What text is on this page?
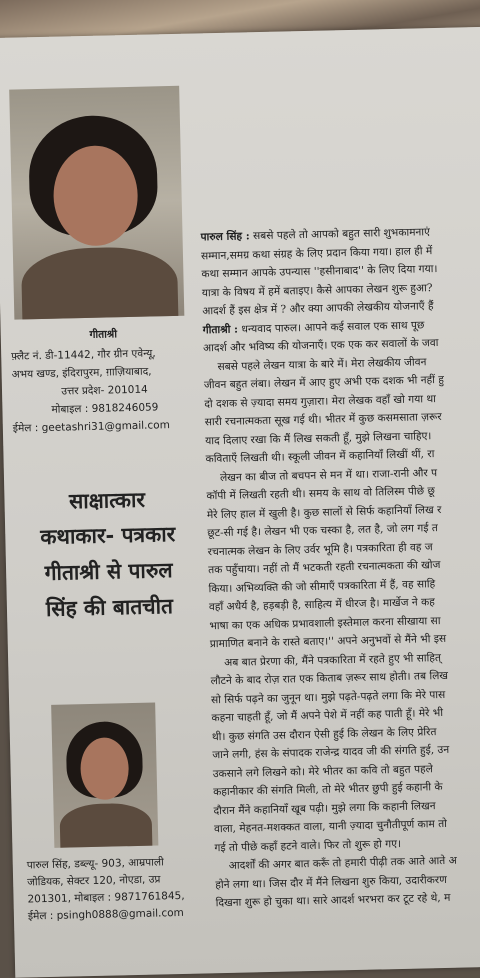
गीताश्री
फ़्लैट नं. डी-11442, गौर ग्रीन एवेन्यू,
अभय खण्ड, इंदिरापुरम, ग़ाज़ियाबाद,
उत्तर प्रदेश- 201014
मोबाइल : 9818246059
ईमेल : geetashri31@gmail.com
साक्षात्कार
कथाकार- पत्रकार
गीताश्री से पारुल
सिंह की बातचीत
पारुल सिंह, डब्ल्यू- 903, आम्रपाली
जोडियक, सेक्टर 120, नोएडा, उप्र
201301, मोबाइल : 9871761845,
ईमेल : psingh0888@gmail.com

पारुल सिंह : सबसे पहले तो आपको बहुत सारी शुभकामनाएं

सम्मान,समग्र कथा संग्रह के लिए प्रदान किया गया। हाल ही में

कथा सम्मान आपके उपन्यास ''हसीनाबाद'' के लिए दिया गया।

यात्रा के विषय में हमें बताइए। कैसे आपका लेखन शुरू हुआ?

आदर्श हैं इस क्षेत्र में ? और क्या आपकी लेखकीय योजनाएँ हैं

गीताश्री : धन्यवाद पारुल। आपने कई सवाल एक साथ पूछ

आदर्श और भविष्य की योजनाएँ। एक एक कर सवालों के जवा

सबसे पहले लेखन यात्रा के बारे में। मेरा लेखकीय जीवन

जीवन बहुत लंबा। लेखन में आए हुए अभी एक दशक भी नहीं हु

दो दशक से ज़्यादा समय गुज़ारा। मेरा लेखक वहाँ खो गया था

सारी रचनात्मकता सूख गई थी। भीतर में कुछ कसमसाता ज़रूर

याद दिलाए रखा कि मैं लिख सकती हूँ, मुझे लिखना चाहिए।

कविताएँ लिखती थी। स्कूली जीवन में कहानियाँ लिखीं थीं, रा

लेखन का बीज तो बचपन से मन में था। राजा-रानी और प

कॉपी में लिखती रहती थी। समय के साथ वो तिलिस्म पीछे छू

मेरे लिए हाल में खुली है। कुछ सालों से सिर्फ कहानियाँ लिख र

छूट-सी गई है। लेखन भी एक चस्का है, लत है, जो लग गई त

रचनात्मक लेखन के लिए उर्वर भूमि है। पत्रकारिता ही वह ज

तक पहुँचाया। नहीं तो मैं भटकती रहती रचनात्मकता की खोज

किया। अभिव्यक्ति की जो सीमाएँ पत्रकारिता में हैं, वह साहि

वहाँ अधैर्य है, हड़बड़ी है, साहित्य में धीरज है। मार्खेज ने कह

भाषा का एक अधिक प्रभावशाली इस्तेमाल करना सीखाया सा

प्रामाणित बनाने के रास्ते बताए।'' अपने अनुभवों से मैंने भी इस

अब बात प्रेरणा की, मैंने पत्रकारिता में रहते हुए भी साहित्

लौटने के बाद रोज़ रात एक किताब ज़रूर साथ होती। तब लिख

सो सिर्फ पढ़ने का जुनून था। मुझे पढ़ते-पढ़ते लगा कि मेरे पास

कहना चाहती हूँ, जो मैं अपने पेशे में नहीं कह पाती हूँ। मेरे भी

थी। कुछ संगति उस दौरान ऐसी हुई कि लेखन के लिए प्रेरित

जाने लगी, हंस के संपादक राजेन्द्र यादव जी की संगति हुई, उन

उकसाने लगे लिखने को। मेरे भीतर का कवि तो बहुत पहले

कहानीकार की संगति मिली, तो मेरे भीतर छुपी हुई कहानी के

दौरान मैंने कहानियाँ खूब पढ़ी। मुझे लगा कि कहानी लिखन

वाला, मेहनत-मशक्कत वाला, यानी ज़्यादा चुनौतीपूर्ण काम तो

गई तो पीछे कहाँ हटने वाले। फिर तो शुरू हो गए।

आदर्शों की अगर बात करूँ तो हमारी पीढ़ी तक आते आते अ

होने लगा था। जिस दौर में मैंने लिखना शुरु किया, उदारीकरण

दिखना शुरू हो चुका था। सारे आदर्श भरभरा कर टूट रहे थे, म
